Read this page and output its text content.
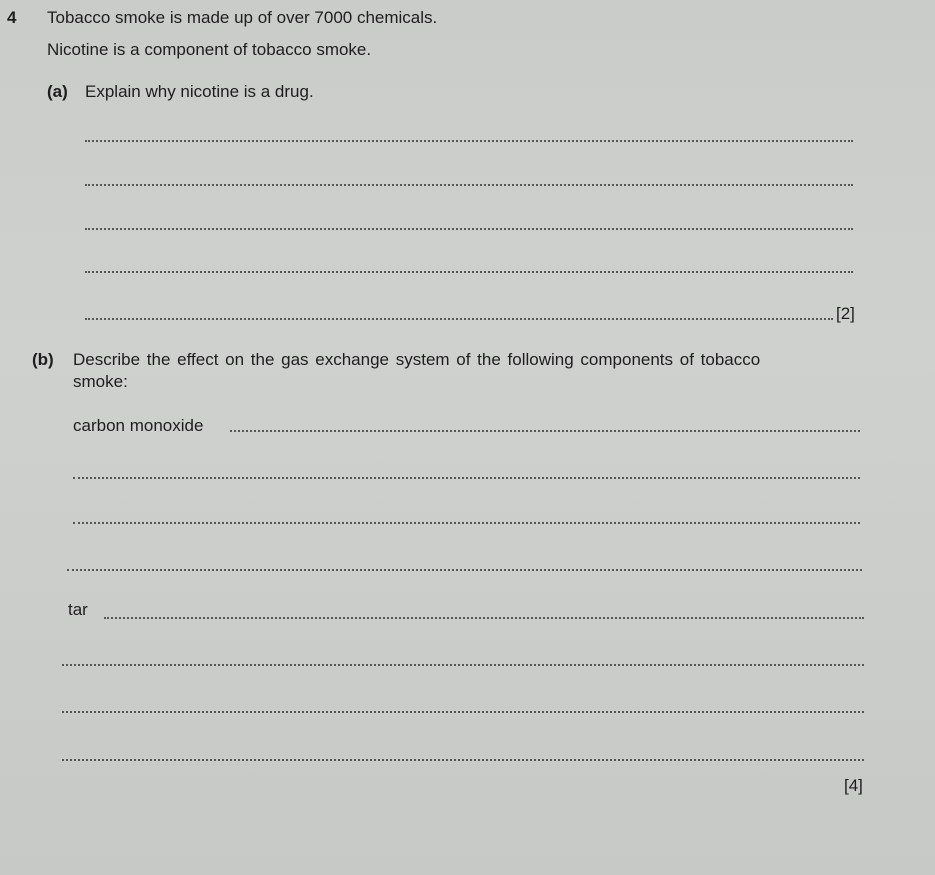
4 Tobacco smoke is made up of over 7000 chemicals.
Nicotine is a component of tobacco smoke.
(a) Explain why nicotine is a drug.
[2]
(b) Describe the effect on the gas exchange system of the following components of tobacco
smoke:
carbon monoxide
tar
[4]
